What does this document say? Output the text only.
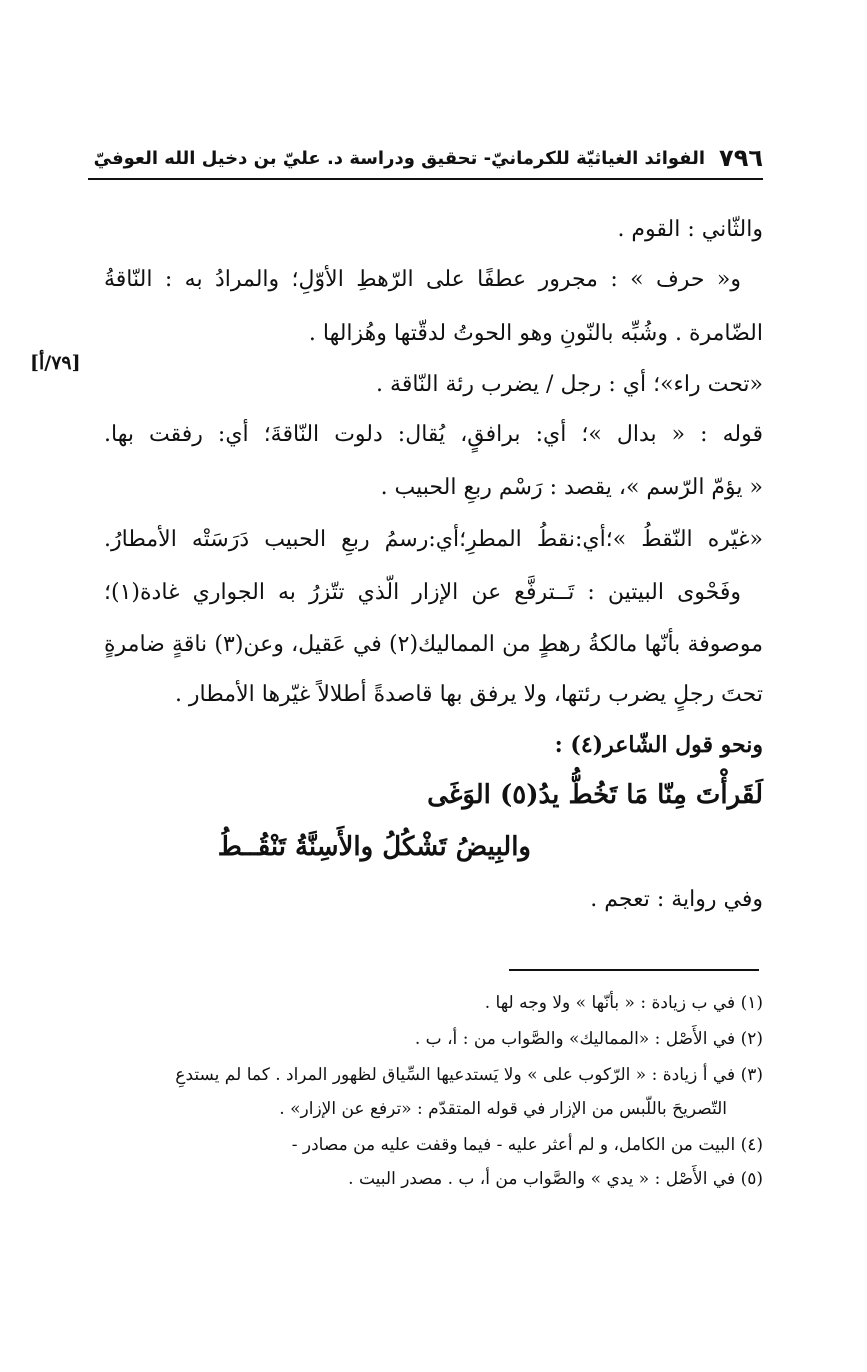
٧٩٦
الفوائد الغياثيّة للكرمانيّ- تحقيق ودراسة د. عليّ بن دخيل الله العوفيّ
[٧٩/أ]
والثّاني : القوم .
و« حرف » : مجرور عطفًا على الرّهطِ الأوّلِ؛ والمرادُ به : النّاقةُ
الضّامرة . وشُبِّه بالنّونِ وهو الحوتُ لدقّتها وهُزالها .
«تحت راء»؛ أي : رجل / يضرب رئة النّاقة .
قوله : « بدال »؛ أي: برافقٍ، يُقال: دلوت النّاقةَ؛ أي: رفقت بها.
« يؤمّ الرّسم »، يقصد : رَسْم ربعِ الحبيب .
«غيّره النّقطُ »؛أي:نقطُ المطرِ؛أي:رسمُ ربعِ الحبيب دَرَسَتْه الأمطارُ.
وفَحْوى البيتين : تَــترفَّع عن الإزار الّذي تتّزرُ به الجواري غادة(١)؛
موصوفة بأنّها مالكةُ رهطٍ من المماليك(٢) في عَقيل، وعن(٣) ناقةٍ ضامرةٍ
تحتَ رجلٍ يضرب رئتها، ولا يرفق بها قاصدةً أطلالاً غيّرها الأمطار .
ونحو قول الشّاعر(٤) :
لَقَرأْتَ مِنّا مَا تَخُطُّ يدُ(٥) الوَغَى
والبِيضُ تَشْكُلُ والأَسِنَّةُ تَنْقُــطُ
وفي رواية : تعجم .
(١) في ب زيادة : « بأنّها » ولا وجه لها .
(٢) في الأَصْل : «المماليك» والصَّواب من : أ، ب .
(٣) في أ زيادة : « الرّكوب على » ولا يَستدعيها السِّياق لظهور المراد . كما لم يستدعِ
التّصريحَ باللّبس من الإزار في قوله المتقدّم : «ترفع عن الإزار» .
(٤) البيت من الكامل، و لم أعثر عليه - فيما وقفت عليه من مصادر -
(٥) في الأَصْل : « يدي » والصَّواب من أ، ب . مصدر البيت .
